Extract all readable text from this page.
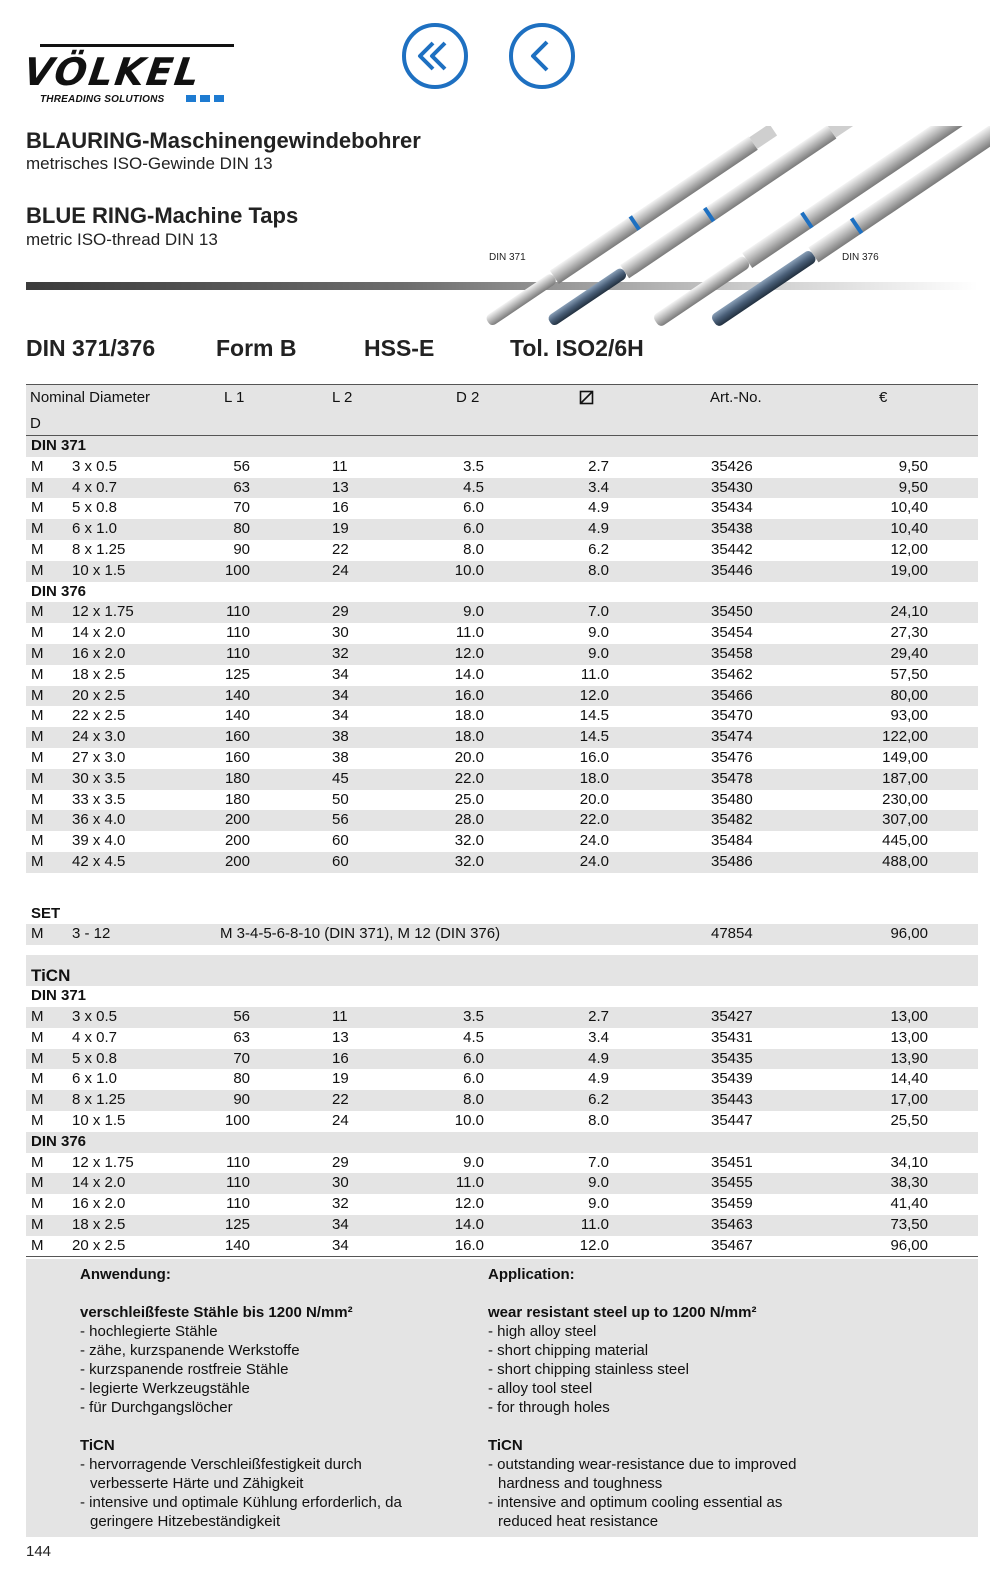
VÖLKEL
THREADING SOLUTIONS
BLAURING-Maschinengewindebohrer
metrisches ISO-Gewinde DIN 13
BLUE RING-Machine Taps
metric ISO-thread DIN 13
DIN 371	DIN 376
DIN 371/376	Form B	HSS-E	Tol. ISO2/6H
Nominal Diameter
D
L 1	L 2	D 2	Art.-No.	€
DIN 371
M 3 x 0.5	56	11	3.5	2.7	35426	9,50
M 4 x 0.7	63	13	4.5	3.4	35430	9,50
M 5 x 0.8	70	16	6.0	4.9	35434	10,40
M 6 x 1.0	80	19	6.0	4.9	35438	10,40
M 8 x 1.25	90	22	8.0	6.2	35442	12,00
M 10 x 1.5	100	24	10.0	8.0	35446	19,00
DIN 376
M 12 x 1.75	110	29	9.0	7.0	35450	24,10
M 14 x 2.0	110	30	11.0	9.0	35454	27,30
M 16 x 2.0	110	32	12.0	9.0	35458	29,40
M 18 x 2.5	125	34	14.0	11.0	35462	57,50
M 20 x 2.5	140	34	16.0	12.0	35466	80,00
M 22 x 2.5	140	34	18.0	14.5	35470	93,00
M 24 x 3.0	160	38	18.0	14.5	35474	122,00
M 27 x 3.0	160	38	20.0	16.0	35476	149,00
M 30 x 3.5	180	45	22.0	18.0	35478	187,00
M 33 x 3.5	180	50	25.0	20.0	35480	230,00
M 36 x 4.0	200	56	28.0	22.0	35482	307,00
M 39 x 4.0	200	60	32.0	24.0	35484	445,00
M 42 x 4.5	200	60	32.0	24.0	35486	488,00
SET
M 3 - 12	M 3-4-5-6-8-10 (DIN 371), M 12 (DIN 376)	47854	96,00
TiCN
DIN 371
M 3 x 0.5	56	11	3.5	2.7	35427	13,00
M 4 x 0.7	63	13	4.5	3.4	35431	13,00
M 5 x 0.8	70	16	6.0	4.9	35435	13,90
M 6 x 1.0	80	19	6.0	4.9	35439	14,40
M 8 x 1.25	90	22	8.0	6.2	35443	17,00
M 10 x 1.5	100	24	10.0	8.0	35447	25,50
DIN 376
M 12 x 1.75	110	29	9.0	7.0	35451	34,10
M 14 x 2.0	110	30	11.0	9.0	35455	38,30
M 16 x 2.0	110	32	12.0	9.0	35459	41,40
M 18 x 2.5	125	34	14.0	11.0	35463	73,50
M 20 x 2.5	140	34	16.0	12.0	35467	96,00
Anwendung:
verschleißfeste Stähle bis 1200 N/mm²
- hochlegierte Stähle
- zähe, kurzspanende Werkstoffe
- kurzspanende rostfreie Stähle
- legierte Werkzeugstähle
- für Durchgangslöcher
TiCN
- hervorragende Verschleißfestigkeit durch
verbesserte Härte und Zähigkeit
- intensive und optimale Kühlung erforderlich, da
geringere Hitzebeständigkeit
Application:
wear resistant steel up to 1200 N/mm²
- high alloy steel
- short chipping material
- short chipping stainless steel
- alloy tool steel
- for through holes
TiCN
- outstanding wear-resistance due to improved
hardness and toughness
- intensive and optimum cooling essential as
reduced heat resistance
144
